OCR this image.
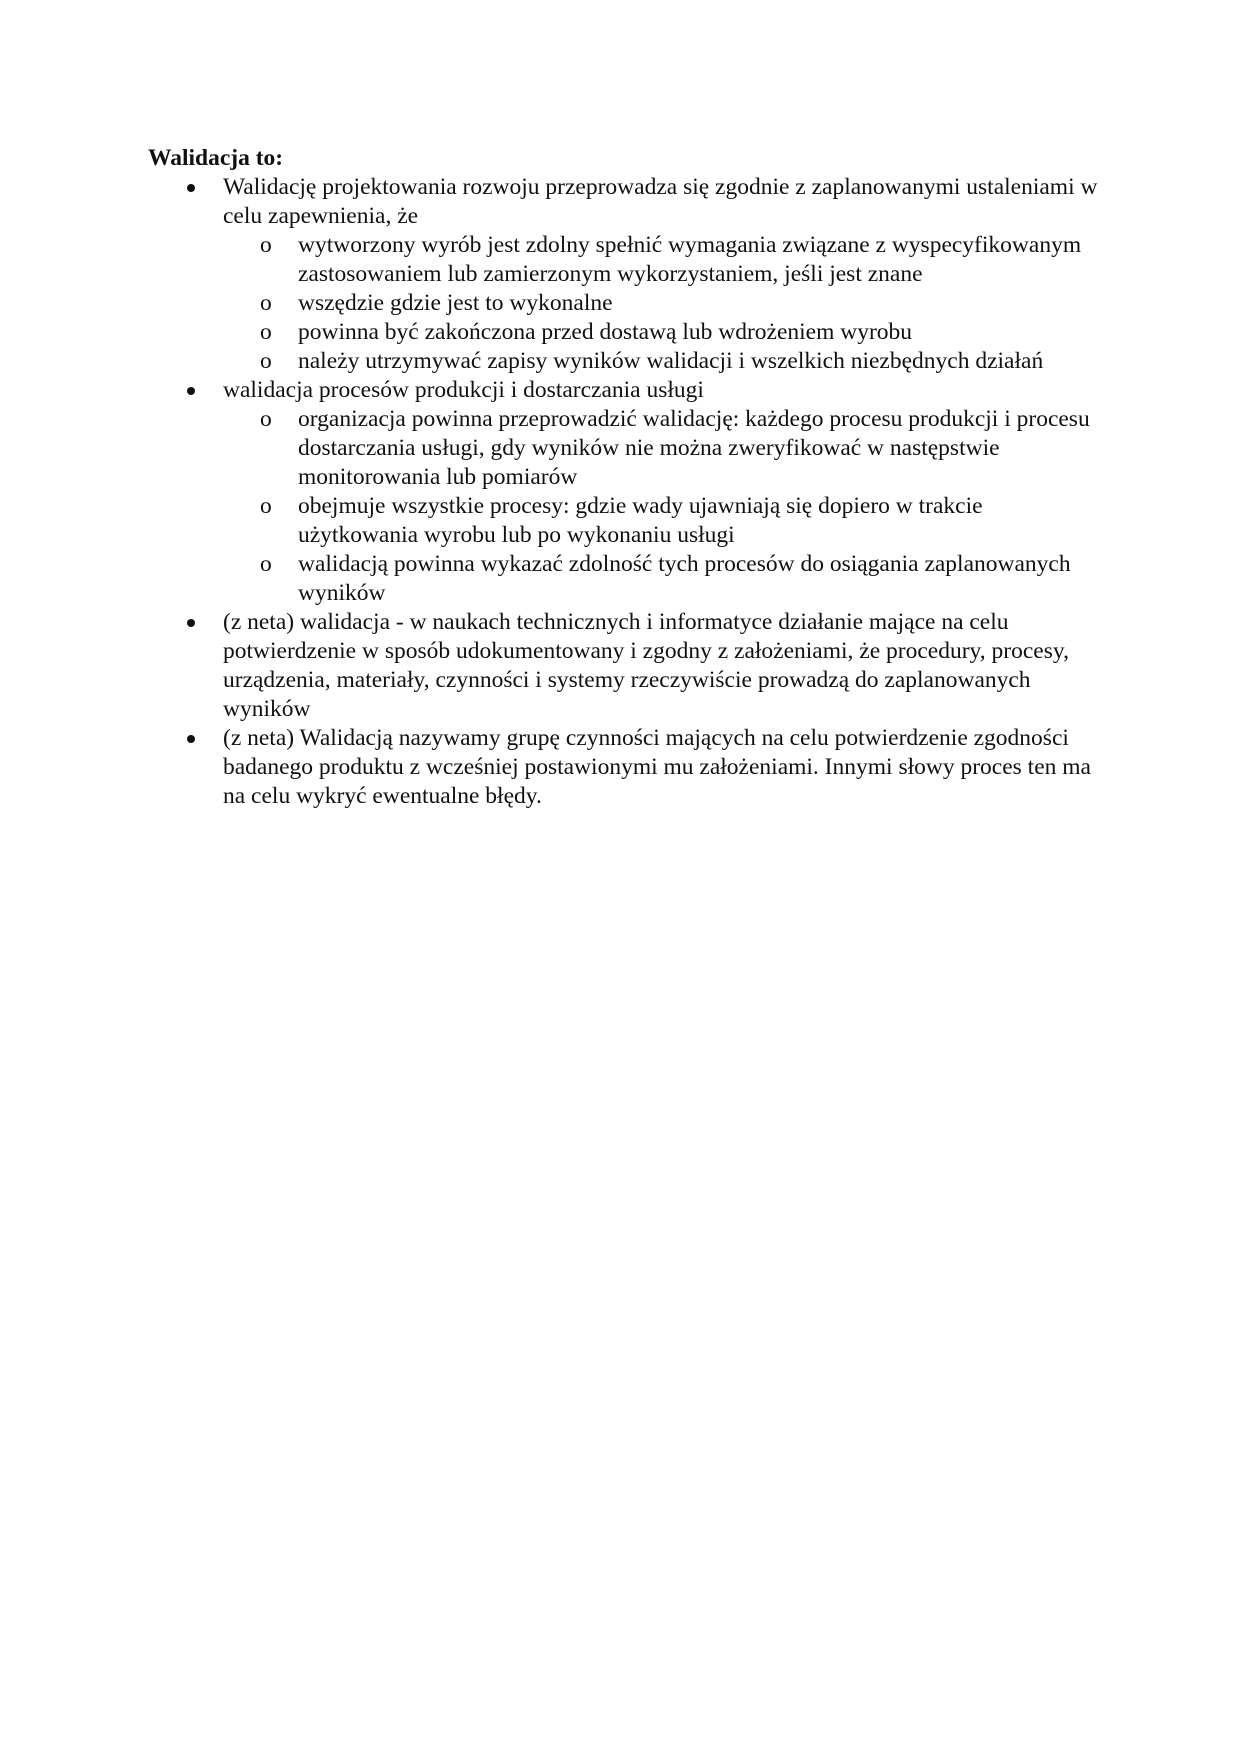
Walidacja to:

Walidację projektowania rozwoju przeprowadza się zgodnie z zaplanowanymi ustaleniami w celu zapewnienia, że
o wytworzony wyrób jest zdolny spełnić wymagania związane z wyspecyfikowanym zastosowaniem lub zamierzonym wykorzystaniem, jeśli jest znane
o wszędzie gdzie jest to wykonalne
o powinna być zakończona przed dostawą lub wdrożeniem wyrobu
o należy utrzymywać zapisy wyników walidacji i wszelkich niezbędnych działań
walidacja procesów produkcji i dostarczania usługi
o organizacja powinna przeprowadzić walidację: każdego procesu produkcji i procesu dostarczania usługi, gdy wyników nie można zweryfikować w następstwie monitorowania lub pomiarów
o obejmuje wszystkie procesy: gdzie wady ujawniają się dopiero w trakcie użytkowania wyrobu lub po wykonaniu usługi
o walidacją powinna wykazać zdolność tych procesów do osiągania zaplanowanych wyników
(z neta) walidacja - w naukach technicznych i informatyce działanie mające na celu potwierdzenie w sposób udokumentowany i zgodny z założeniami, że procedury, procesy, urządzenia, materiały, czynności i systemy rzeczywiście prowadzą do zaplanowanych wyników
(z neta) Walidacją nazywamy grupę czynności mających na celu potwierdzenie zgodności badanego produktu z wcześniej postawionymi mu założeniami. Innymi słowy proces ten ma na celu wykryć ewentualne błędy.
